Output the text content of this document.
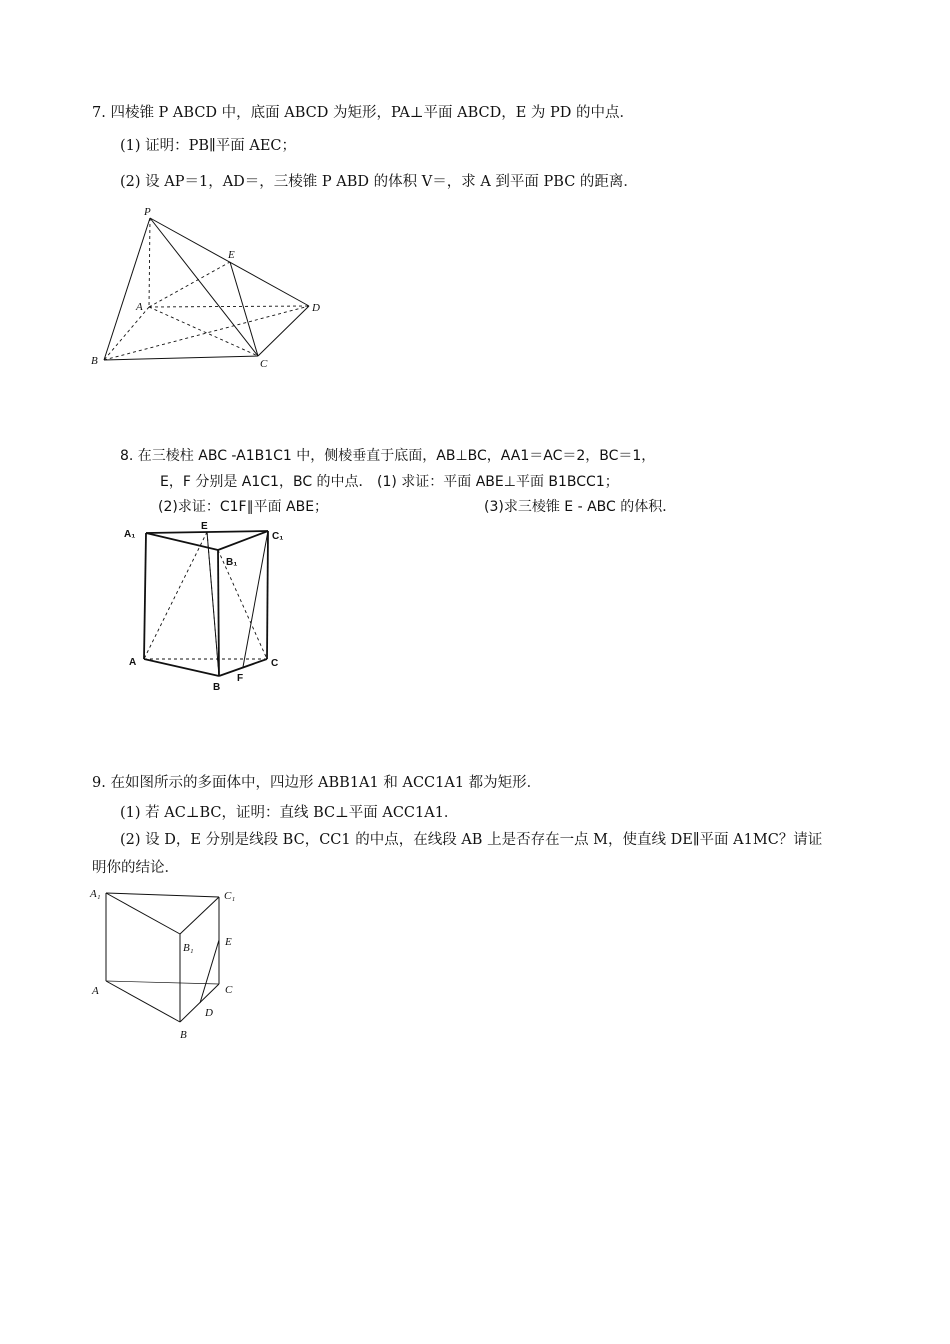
7. 四棱锥 P ABCD 中，底面 ABCD 为矩形，PA⊥平面 ABCD，E 为 PD 的中点．
(1) 证明：PB∥平面 AEC；
(2) 设 AP＝1，AD＝，三棱锥 P ABD 的体积 V＝，求 A 到平面 PBC 的距离．
P
E
A	D
B	C
8. 在三棱柱 ABC -A1B1C1 中，侧棱垂直于底面，AB⊥BC，AA1＝AC＝2，BC＝1，
E，F 分别是 A1C1，BC 的中点． (1) 求证：平面 ABE⊥平面 B1BCC1；
(2)求证：C1F∥平面 ABE；	(3)求三棱锥 E - ABC 的体积．
A₁
E
C₁
B₁
A	C
B
F
9. 在如图所示的多面体中，四边形 ABB1A1 和 ACC1A1 都为矩形．
(1) 若 AC⊥BC，证明：直线 BC⊥平面 ACC1A1．
(2) 设 D，E 分别是线段 BC，CC1 的中点，在线段 AB 上是否存在一点 M，使直线 DE∥平面 A1MC？请证
明你的结论．
A₁	C₁
B₁	E
A	C
D
B
